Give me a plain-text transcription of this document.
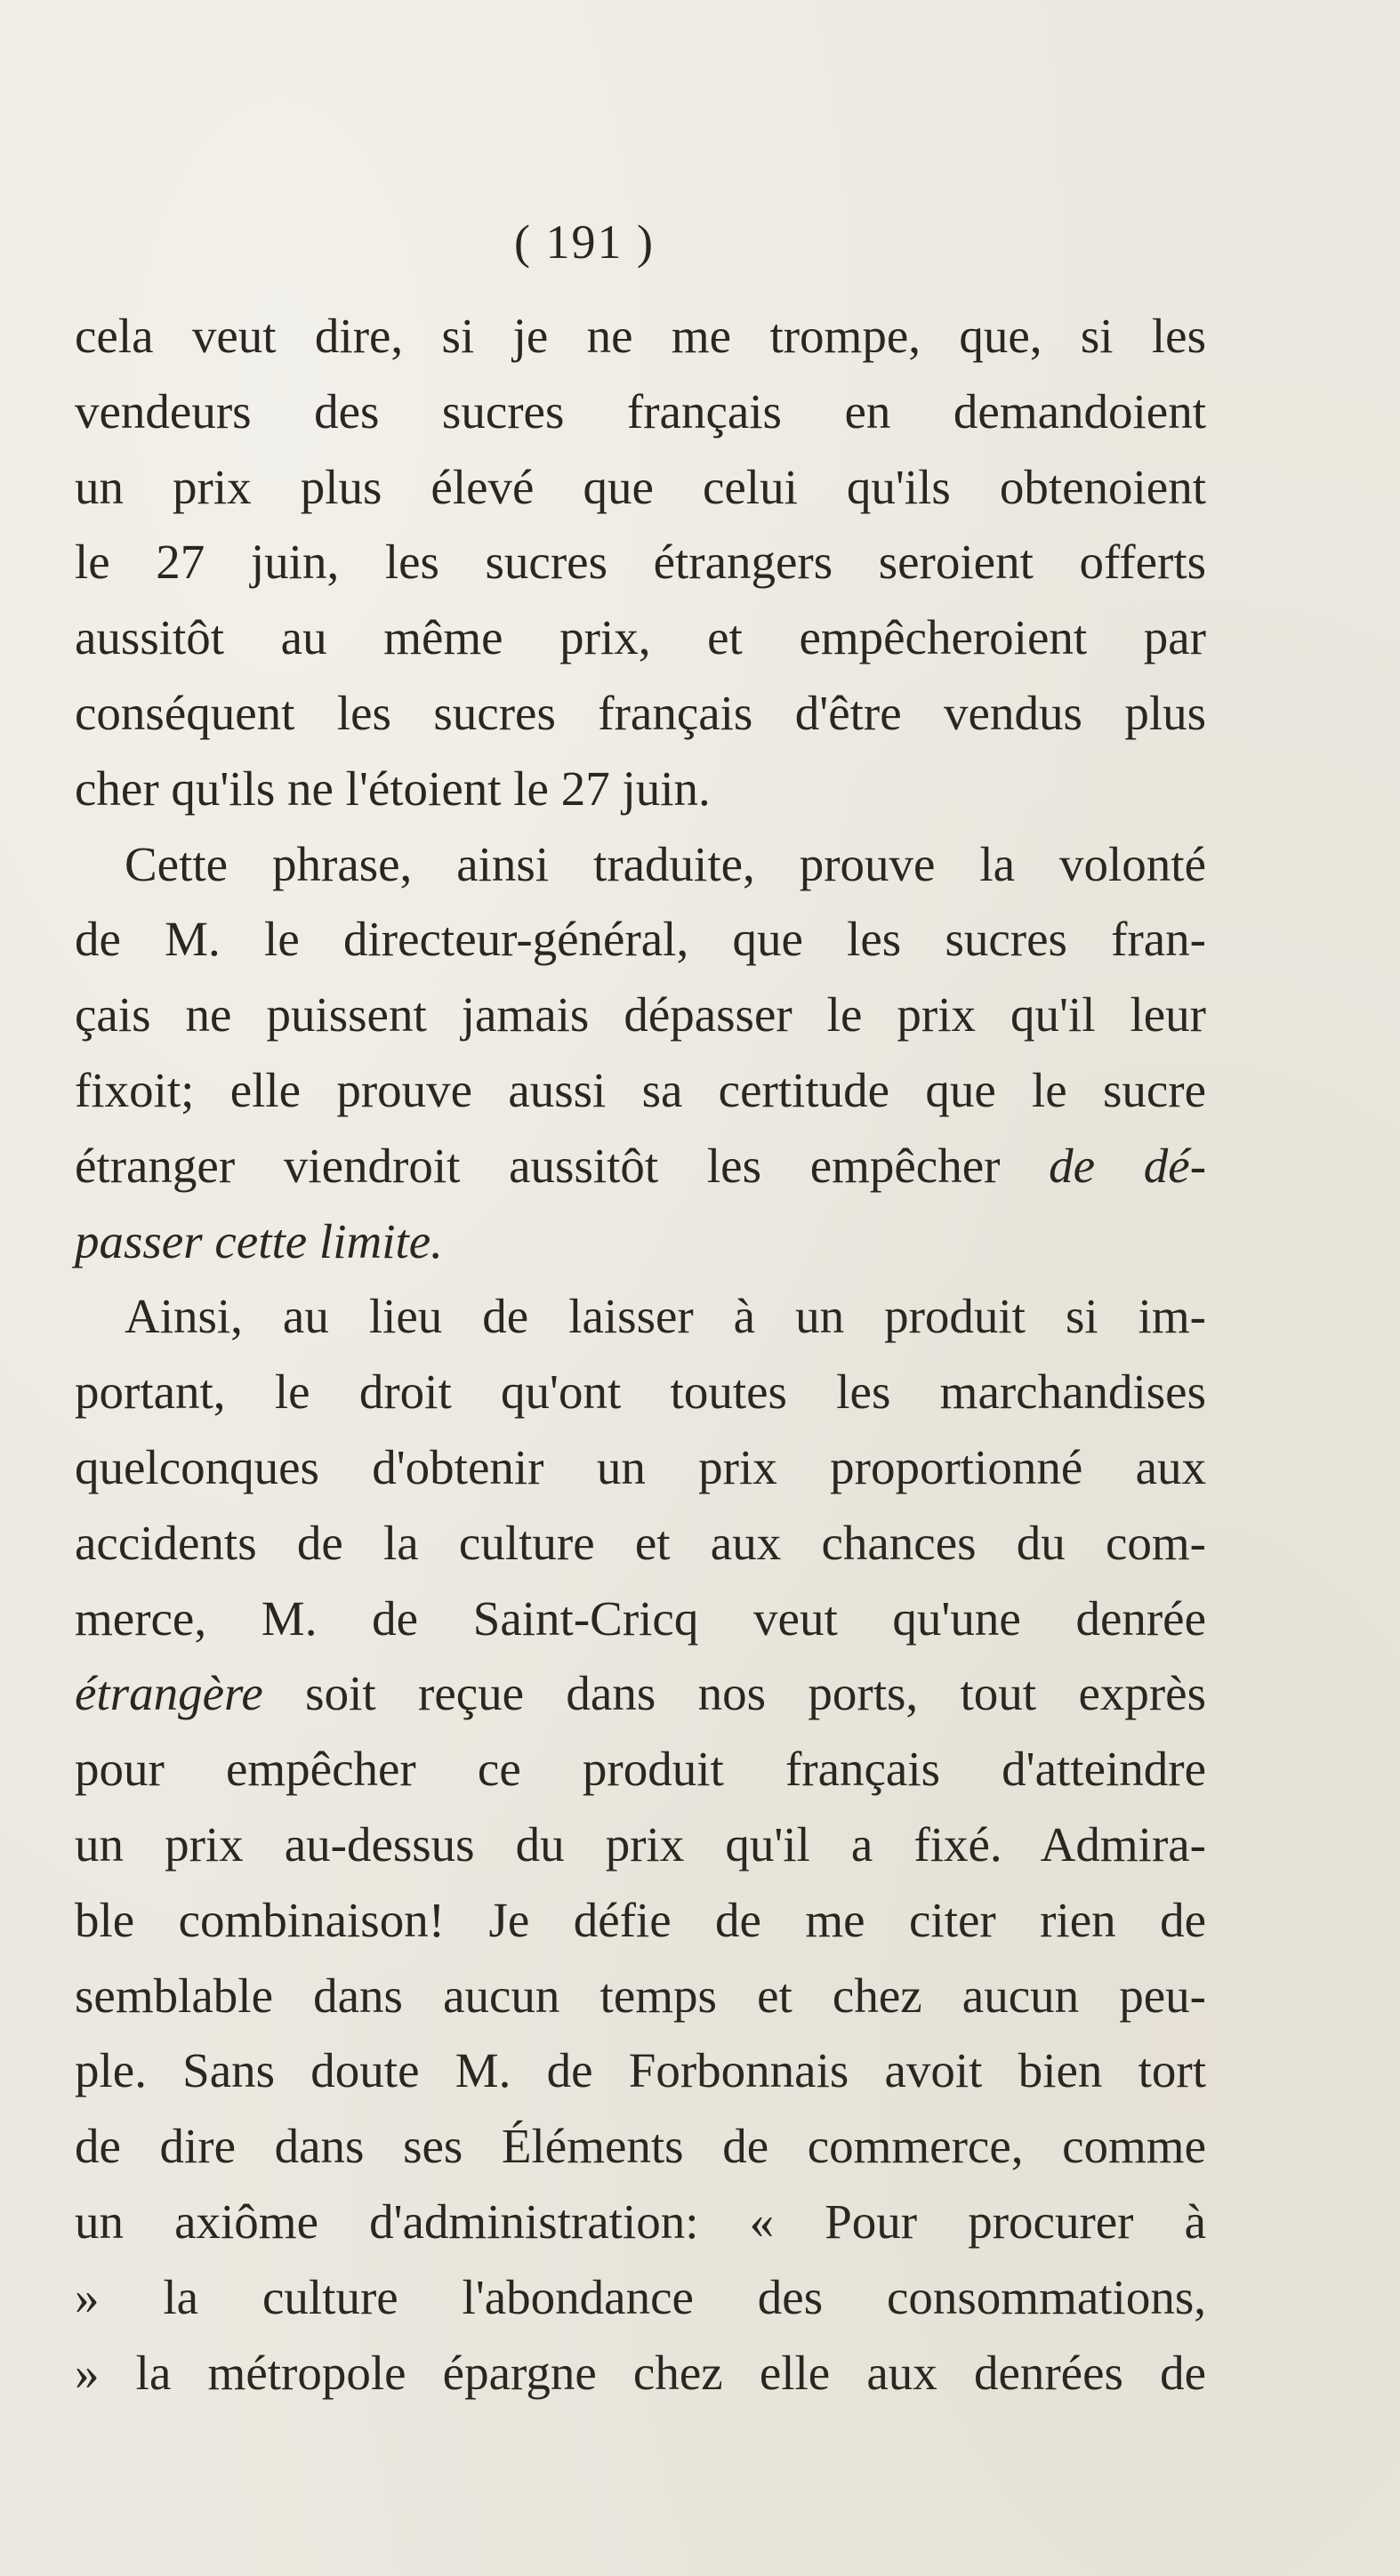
( 191 )
cela veut dire, si je ne me trompe, que, si les
vendeurs des sucres français en demandoient
un prix plus élevé que celui qu'ils obtenoient
le 27 juin, les sucres étrangers seroient offerts
aussitôt au même prix, et empêcheroient par
conséquent les sucres français d'être vendus plus
cher qu'ils ne l'étoient le 27 juin.
Cette phrase, ainsi traduite, prouve la volonté
de M. le directeur-général, que les sucres fran-
çais ne puissent jamais dépasser le prix qu'il leur
fixoit; elle prouve aussi sa certitude que le sucre
étranger viendroit aussitôt les empêcher de dé-
passer cette limite.
Ainsi, au lieu de laisser à un produit si im-
portant, le droit qu'ont toutes les marchandises
quelconques d'obtenir un prix proportionné aux
accidents de la culture et aux chances du com-
merce, M. de Saint-Cricq veut qu'une denrée
étrangère soit reçue dans nos ports, tout exprès
pour empêcher ce produit français d'atteindre
un prix au-dessus du prix qu'il a fixé. Admira-
ble combinaison! Je défie de me citer rien de
semblable dans aucun temps et chez aucun peu-
ple. Sans doute M. de Forbonnais avoit bien tort
de dire dans ses Éléments de commerce, comme
un axiôme d'administration: « Pour procurer à
» la culture l'abondance des consommations,
» la métropole épargne chez elle aux denrées de
